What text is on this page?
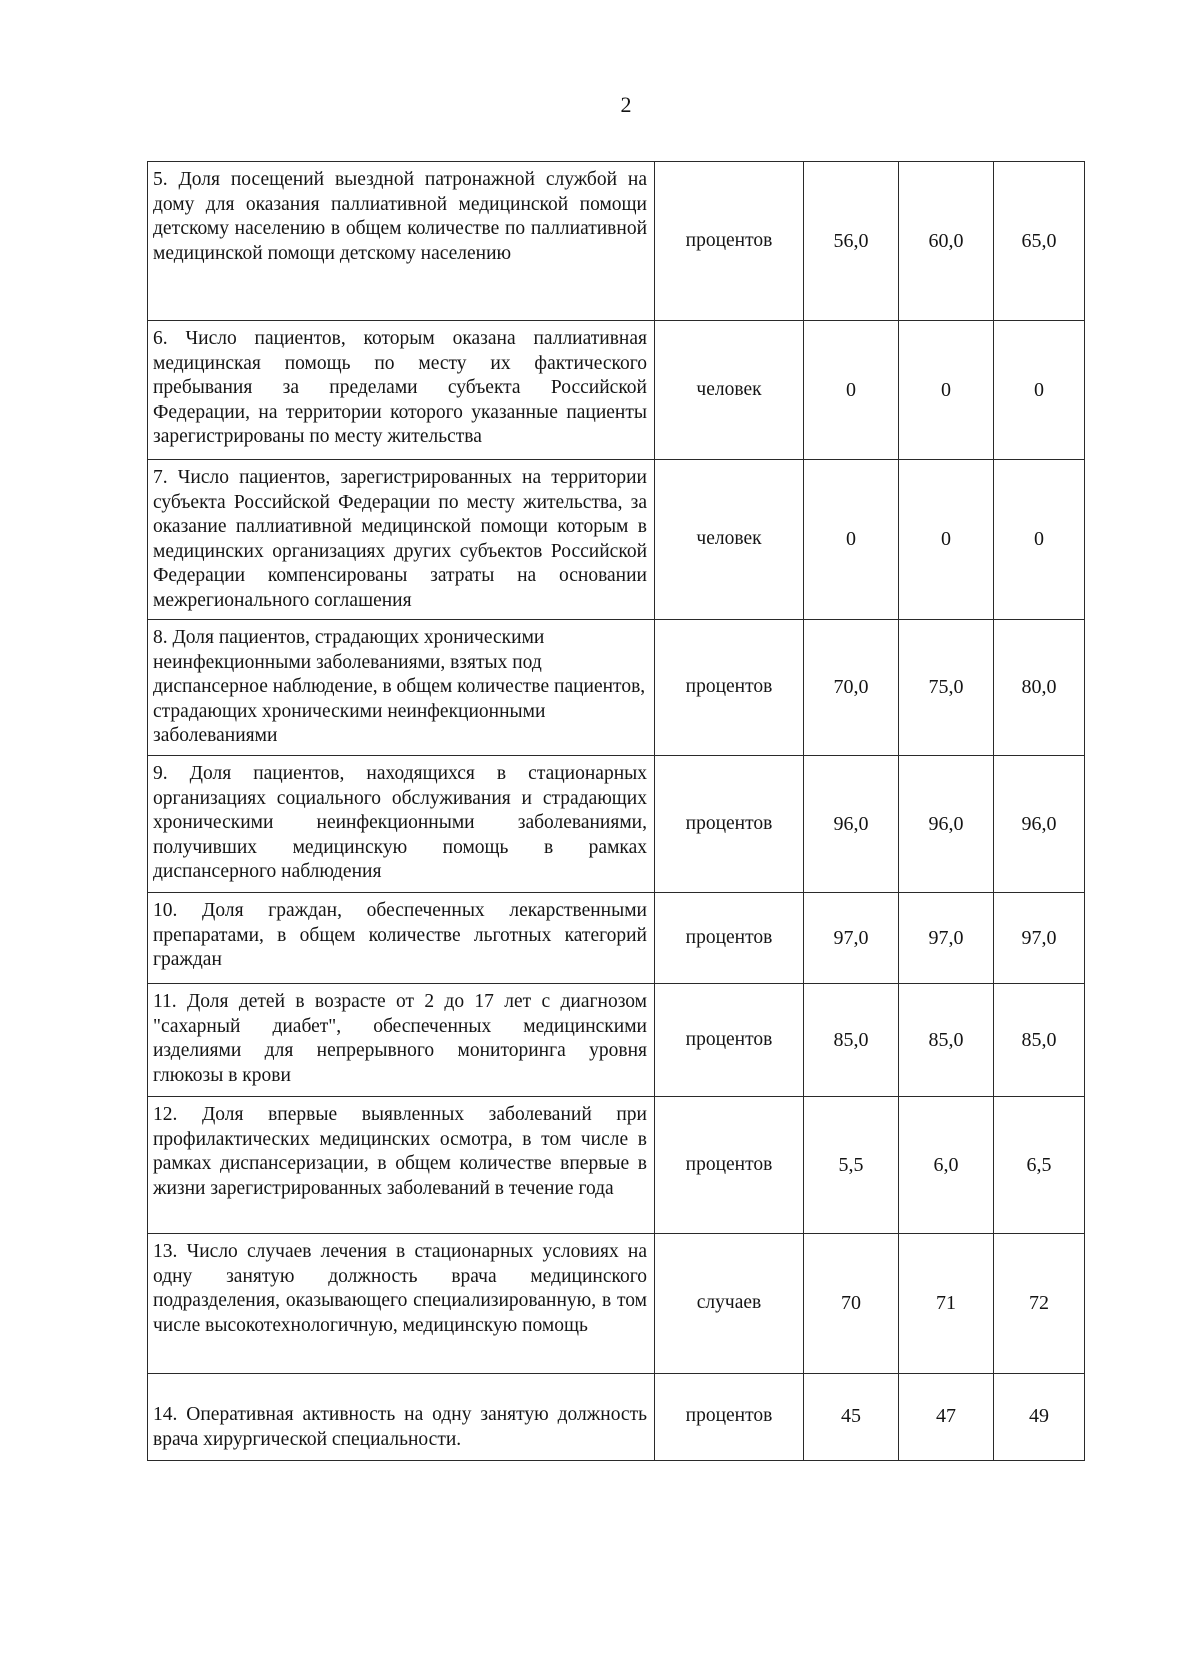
2
5. Доля посещений выездной патронажной службой на дому для оказания паллиативной медицинской помощи детскому населению в общем количестве по паллиативной медицинской помощи детскому населению	процентов	56,0	60,0	65,0
6. Число пациентов, которым оказана паллиативная медицинская помощь по месту их фактического пребывания за пределами субъекта Российской Федерации, на территории которого указанные пациенты зарегистрированы по месту жительства	человек	0	0	0
7. Число пациентов, зарегистрированных на территории субъекта Российской Федерации по месту жительства, за оказание паллиативной медицинской помощи которым в медицинских организациях других субъектов Российской Федерации компенсированы затраты на основании межрегионального соглашения	человек	0	0	0
8. Доля пациентов, страдающих хроническими неинфекционными заболеваниями, взятых под диспансерное наблюдение, в общем количестве пациентов, страдающих хроническими неинфекционными заболеваниями	процентов	70,0	75,0	80,0
9. Доля пациентов, находящихся в стационарных организациях социального обслуживания и страдающих хроническими неинфекционными заболеваниями, получивших медицинскую помощь в рамках диспансерного наблюдения	процентов	96,0	96,0	96,0
10. Доля граждан, обеспеченных лекарственными препаратами, в общем количестве льготных категорий граждан	процентов	97,0	97,0	97,0
11. Доля детей в возрасте от 2 до 17 лет с диагнозом "сахарный диабет", обеспеченных медицинскими изделиями для непрерывного мониторинга уровня глюкозы в крови	процентов	85,0	85,0	85,0
12. Доля впервые выявленных заболеваний при профилактических медицинских осмотра, в том числе в рамках диспансеризации, в общем количестве впервые в жизни зарегистрированных заболеваний в течение года	процентов	5,5	6,0	6,5
13. Число случаев лечения в стационарных условиях на одну занятую должность врача медицинского подразделения, оказывающего специализированную, в том числе высокотехнологичную, медицинскую помощь	случаев	70	71	72
14. Оперативная активность на одну занятую должность врача хирургической специальности.	процентов	45	47	49
